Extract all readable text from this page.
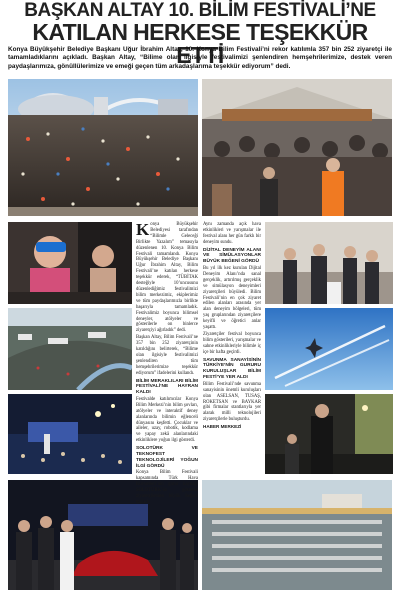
BAŞKAN ALTAY 10. BİLİM FESTİVALİ’NE
KATILAN HERKESE TEŞEKKÜR ETTİ
Konya Büyükşehir Belediye Başkanı Uğur İbrahim Altay, 10. Konya Bilim Festivali’ni rekor katılımla 357 bin 252 ziyaretçi ile tamamladıklarını açıkladı. Başkan Altay, “Bilime olan ilgisiyle festivalimizi şenlendiren hemşehrilerimize, destek veren paydaşlarımıza, gönüllülerimize ve emeği geçen tüm arkadaşlarıma teşekkür ediyorum” dedi.

Konya Büyükşehir Belediyesi tarafından “Bilimle Geleceği Birlikte Yazalım” temasıyla düzenlenen 10. Konya Bilim Festivali tamamlandı. Konya Büyükşehir Belediye Başkanı Uğur İbrahim Altay, Bilim Festivali’ne katılan herkese teşekkür ederek, “TÜBİTAK desteğiyle 10’uncusunu düzenlediğimiz festivalimizi bilim merkezimiz, ekiplerimiz ve tüm paydaşlarımızla birlikte başarıyla tamamladık. Festivalimiz boyunca bilimsel deneyler, atölyeler ve gösterilerle on binlerce ziyaretçiyi ağırladık” dedi.

Başkan Altay, Bilim Festivali’ne 357 bin 252 ziyaretçinin katıldığını belirterek, “Bilime olan ilgisiyle festivalimizi şenlendiren tüm hemşehrilerimize teşekkür ediyorum” ifadelerini kullandı.

BİLİM MERAKLILARI BİLİM FESTİVALİ’NE HAYRAN KALDI

Festivalde katılımcılar Konya Bilim Merkezi’nin bilim şovları, atölyeler ve interaktif deney alanlarında bilimin eğlenceli dünyasını keşfetti. Çocuklar ve aileler, uzay, robotik, kodlama ve yapay zekâ alanlarındaki etkinliklere yoğun ilgi gösterdi.

SOLOTÜRK VE TEKNOFEST TEKNOLOJİLERİ YOĞUN İLGİ GÖRDÜ

Konya Bilim Festivali kapsamında Türk Hava Kuvvetleri’nin gurur kaynağı SOLOTÜRK’ün gösterisi ziyaretçilerden büyük beğeni topladı.

Aynı zamanda açık hava etkinlikleri ve yarışmalar ile festival alanı her gün farklı bir deneyim sundu.

DİJİTAL DENEYİM ALANI VE SİMÜLASYONLAR BÜYÜK BEĞENİ GÖRDÜ

Bu yıl ilk kez kurulan Dijital Deneyim Alanı’nda sanal gerçeklik, artırılmış gerçeklik ve simülasyon deneyimleri ziyaretçileri büyüledi. Bilim Festivali’nin en çok ziyaret edilen alanları arasında yer alan deneyim bölgeleri, tüm yaş gruplarından ziyaretçilere keyifli ve öğretici anlar yaşattı.

Ziyaretçiler festival boyunca bilim gösterileri, yarışmalar ve sahne etkinlikleriyle bilimle iç içe bir hafta geçirdi.

SAVUNMA SANAYİSİNİN TÜRKİYE’NİN GURURU KURULUŞLAR BİLİM FESTİ’YE YER ALDI

Bilim Festivali’nde savunma sanayisinin önemli kuruluşları olan ASELSAN, TUSAŞ, ROKETSAN ve BAYKAR gibi firmalar stantlarıyla yer alarak milli teknolojileri ziyaretçilerle buluşturdu.

HABER MERKEZİ
